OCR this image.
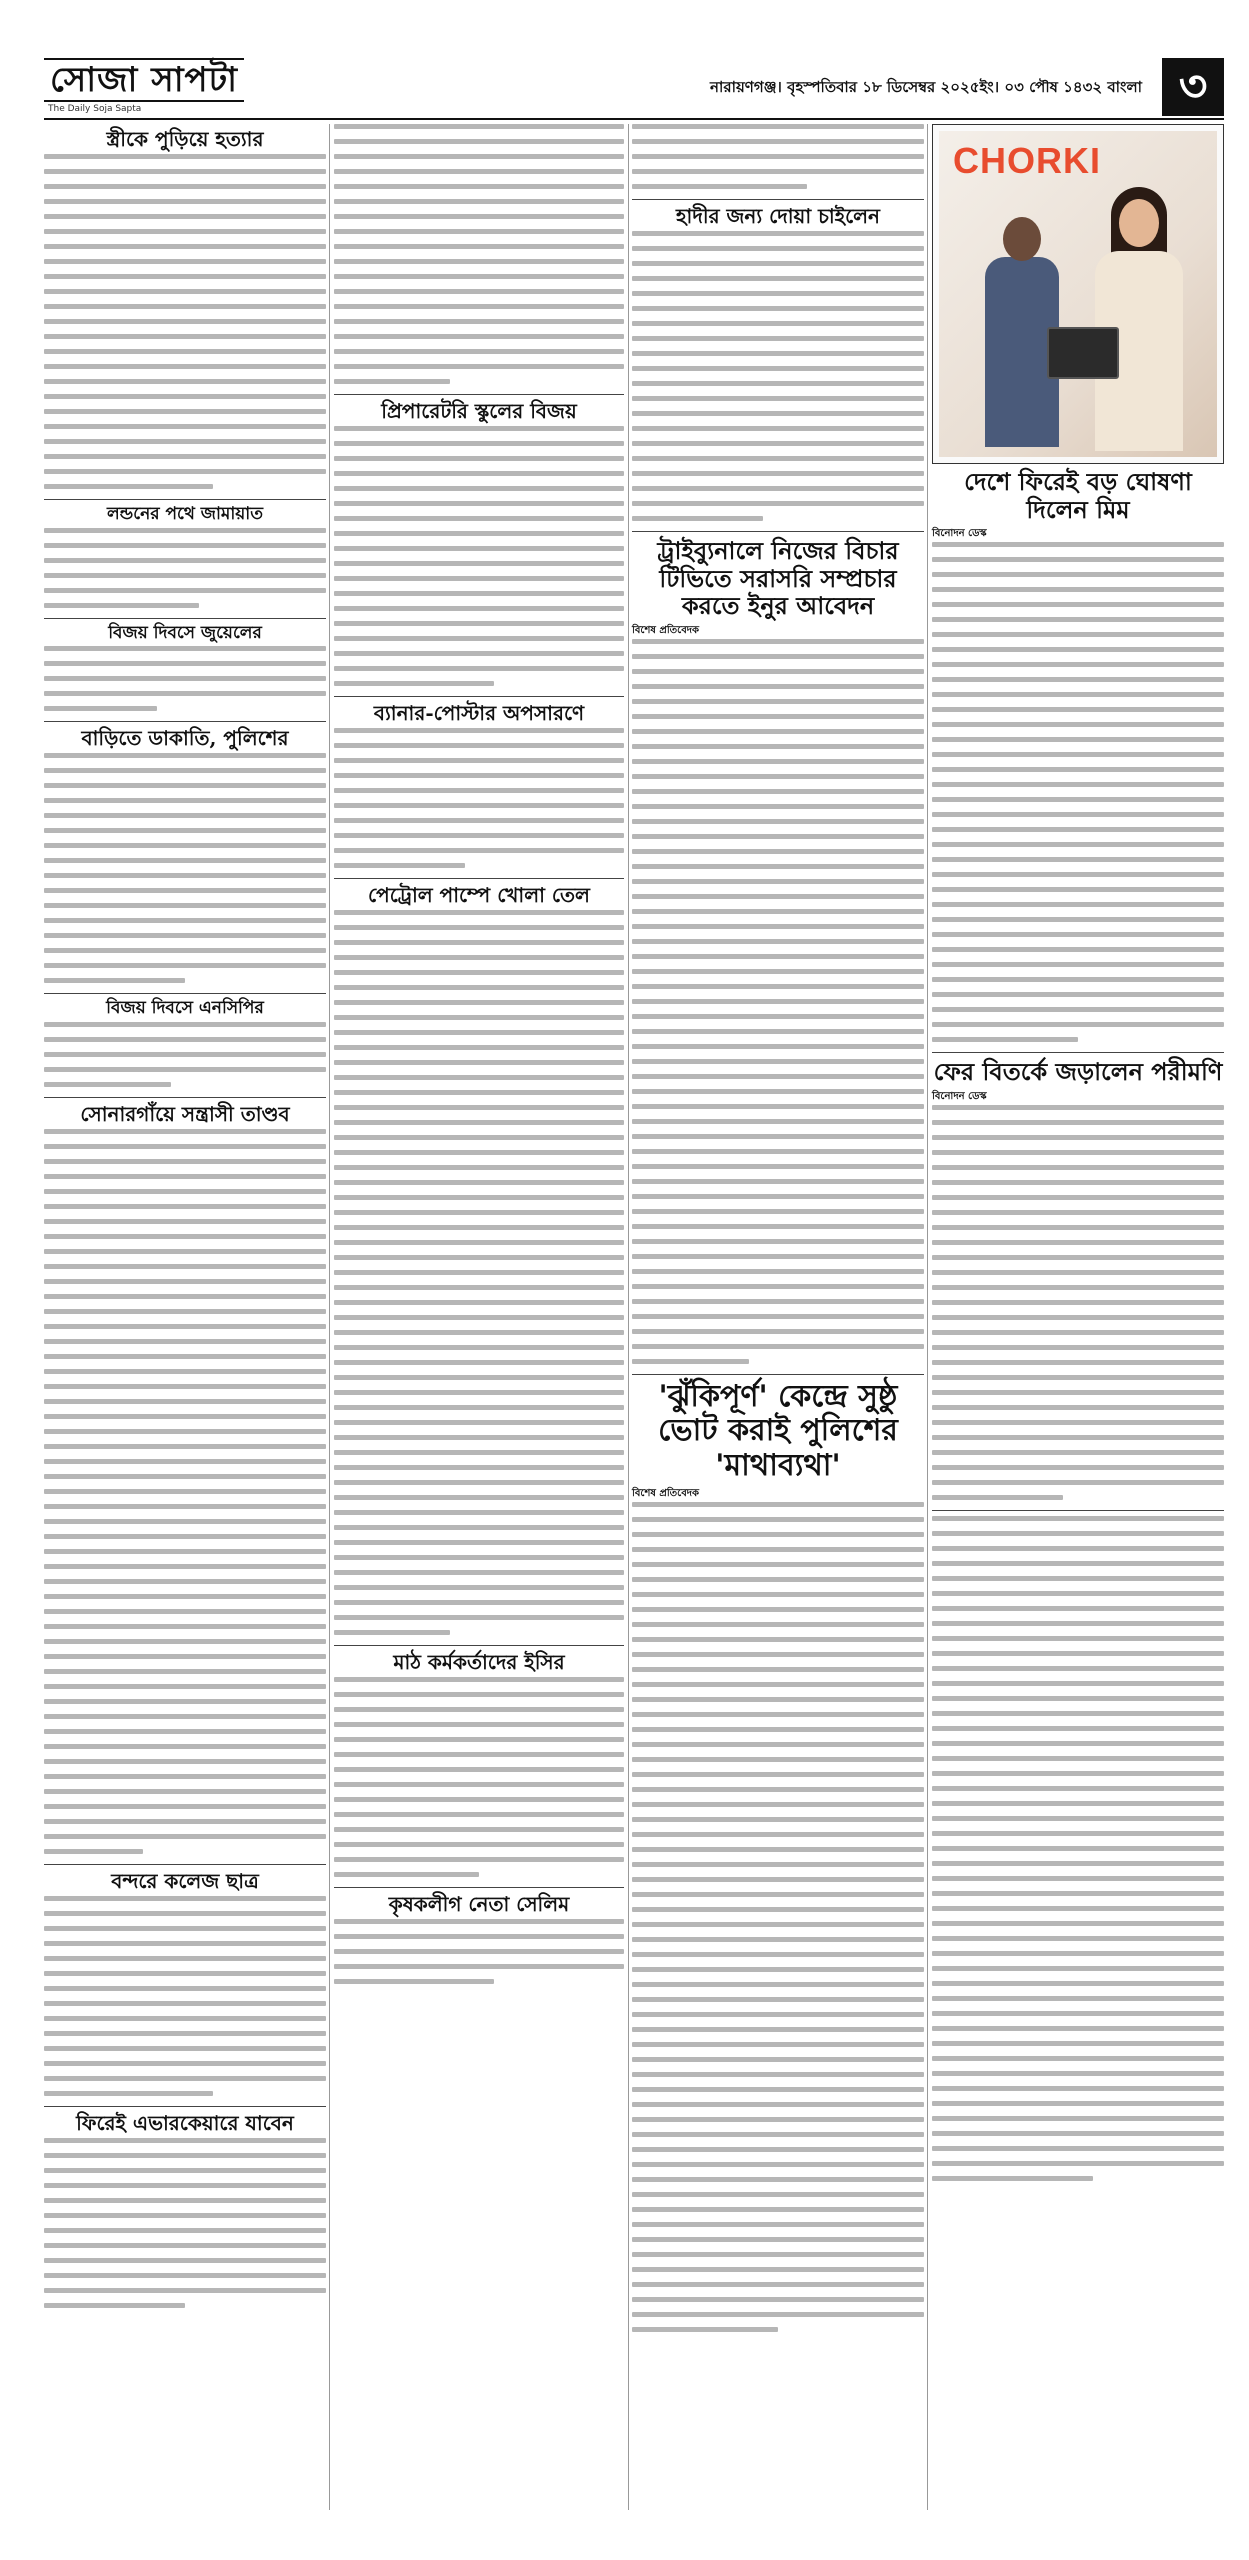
সোজা সাপটা
The Daily Soja Sapta
নারায়ণগঞ্জ। বৃহস্পতিবার ১৮ ডিসেম্বর ২০২৫ইং। ০৩ পৌষ ১৪৩২ বাংলা ৩
স্ত্রীকে পুড়িয়ে হত্যার
লন্ডনের পথে জামায়াত
বিজয় দিবসে জুয়েলের
বাড়িতে ডাকাতি, পুলিশের
বিজয় দিবসে এনসিপির
সোনারগাঁয়ে সন্ত্রাসী তাণ্ডব
বন্দরে কলেজ ছাত্র
ফিরেই এভারকেয়ারে যাবেন
প্রিপারেটরি স্কুলের বিজয়
ব্যানার-পোস্টার অপসারণে
পেট্রোল পাম্পে খোলা তেল
মাঠ কর্মকর্তাদের ইসির
কৃষকলীগ নেতা সেলিম
হাদীর জন্য দোয়া চাইলেন
ট্রাইব্যুনালে নিজের বিচার টিভিতে সরাসরি সম্প্রচার করতে ইনুর আবেদন
বিশেষ প্রতিবেদক
'ঝুঁকিপূর্ণ' কেন্দ্রে সুষ্ঠু ভোট করাই পুলিশের 'মাথাব্যথা'
বিশেষ প্রতিবেদক
CHORKI
দেশে ফিরেই বড় ঘোষণা দিলেন মিম
বিনোদন ডেস্ক
ফের বিতর্কে জড়ালেন পরীমণি
বিনোদন ডেস্ক
